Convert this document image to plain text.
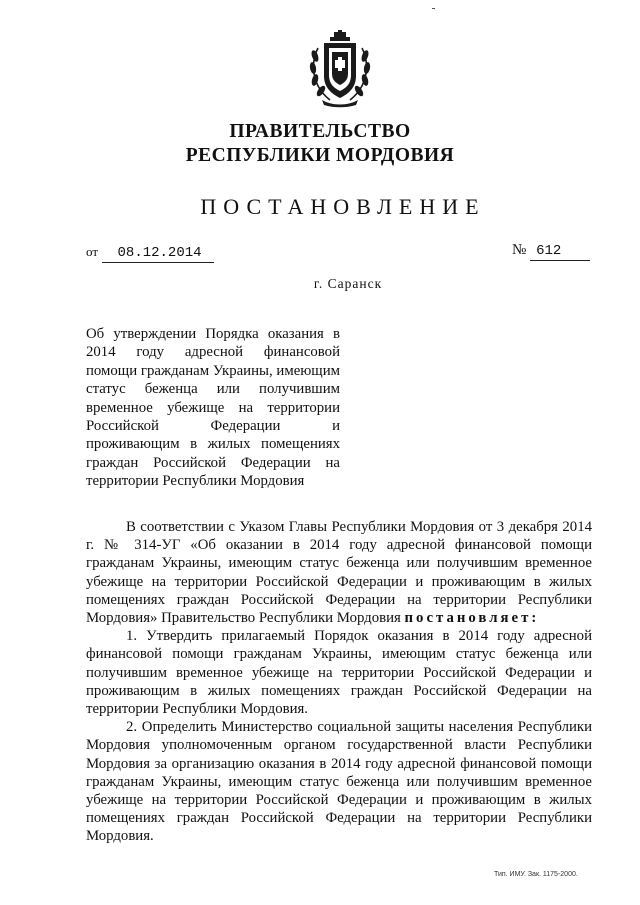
ПРАВИТЕЛЬСТВО
РЕСПУБЛИКИ МОРДОВИЯ
ПОСТАНОВЛЕНИЕ
от 08.12.2014	№ 612
г. Саранск
Об утверждении Порядка оказания в 2014 году адресной финансовой помощи гражданам Украины, имеющим статус беженца или получившим временное убежище на территории Российской Федерации и проживающим в жилых помещениях граждан Российской Федерации на территории Республики Мордовия

В соответствии с Указом Главы Республики Мордовия от 3 декабря 2014 г. № 314-УГ «Об оказании в 2014 году адресной финансовой помощи гражданам Украины, имеющим статус беженца или получившим временное убежище на территории Российской Федерации и проживающим в жилых помещениях граждан Российской Федерации на территории Республики Мордовия» Правительство Республики Мордовия постановляет:

1. Утвердить прилагаемый Порядок оказания в 2014 году адресной финансовой помощи гражданам Украины, имеющим статус беженца или получившим временное убежище на территории Российской Федерации и проживающим в жилых помещениях граждан Российской Федерации на территории Республики Мордовия.

2. Определить Министерство социальной защиты населения Республики Мордовия уполномоченным органом государственной власти Республики Мордовия за организацию оказания в 2014 году адресной финансовой помощи гражданам Украины, имеющим статус беженца или получившим временное убежище на территории Российской Федерации и проживающим в жилых помещениях граждан Российской Федерации на территории Республики Мордовия.

Тип. ИМУ. Зак. 1175-2000.
